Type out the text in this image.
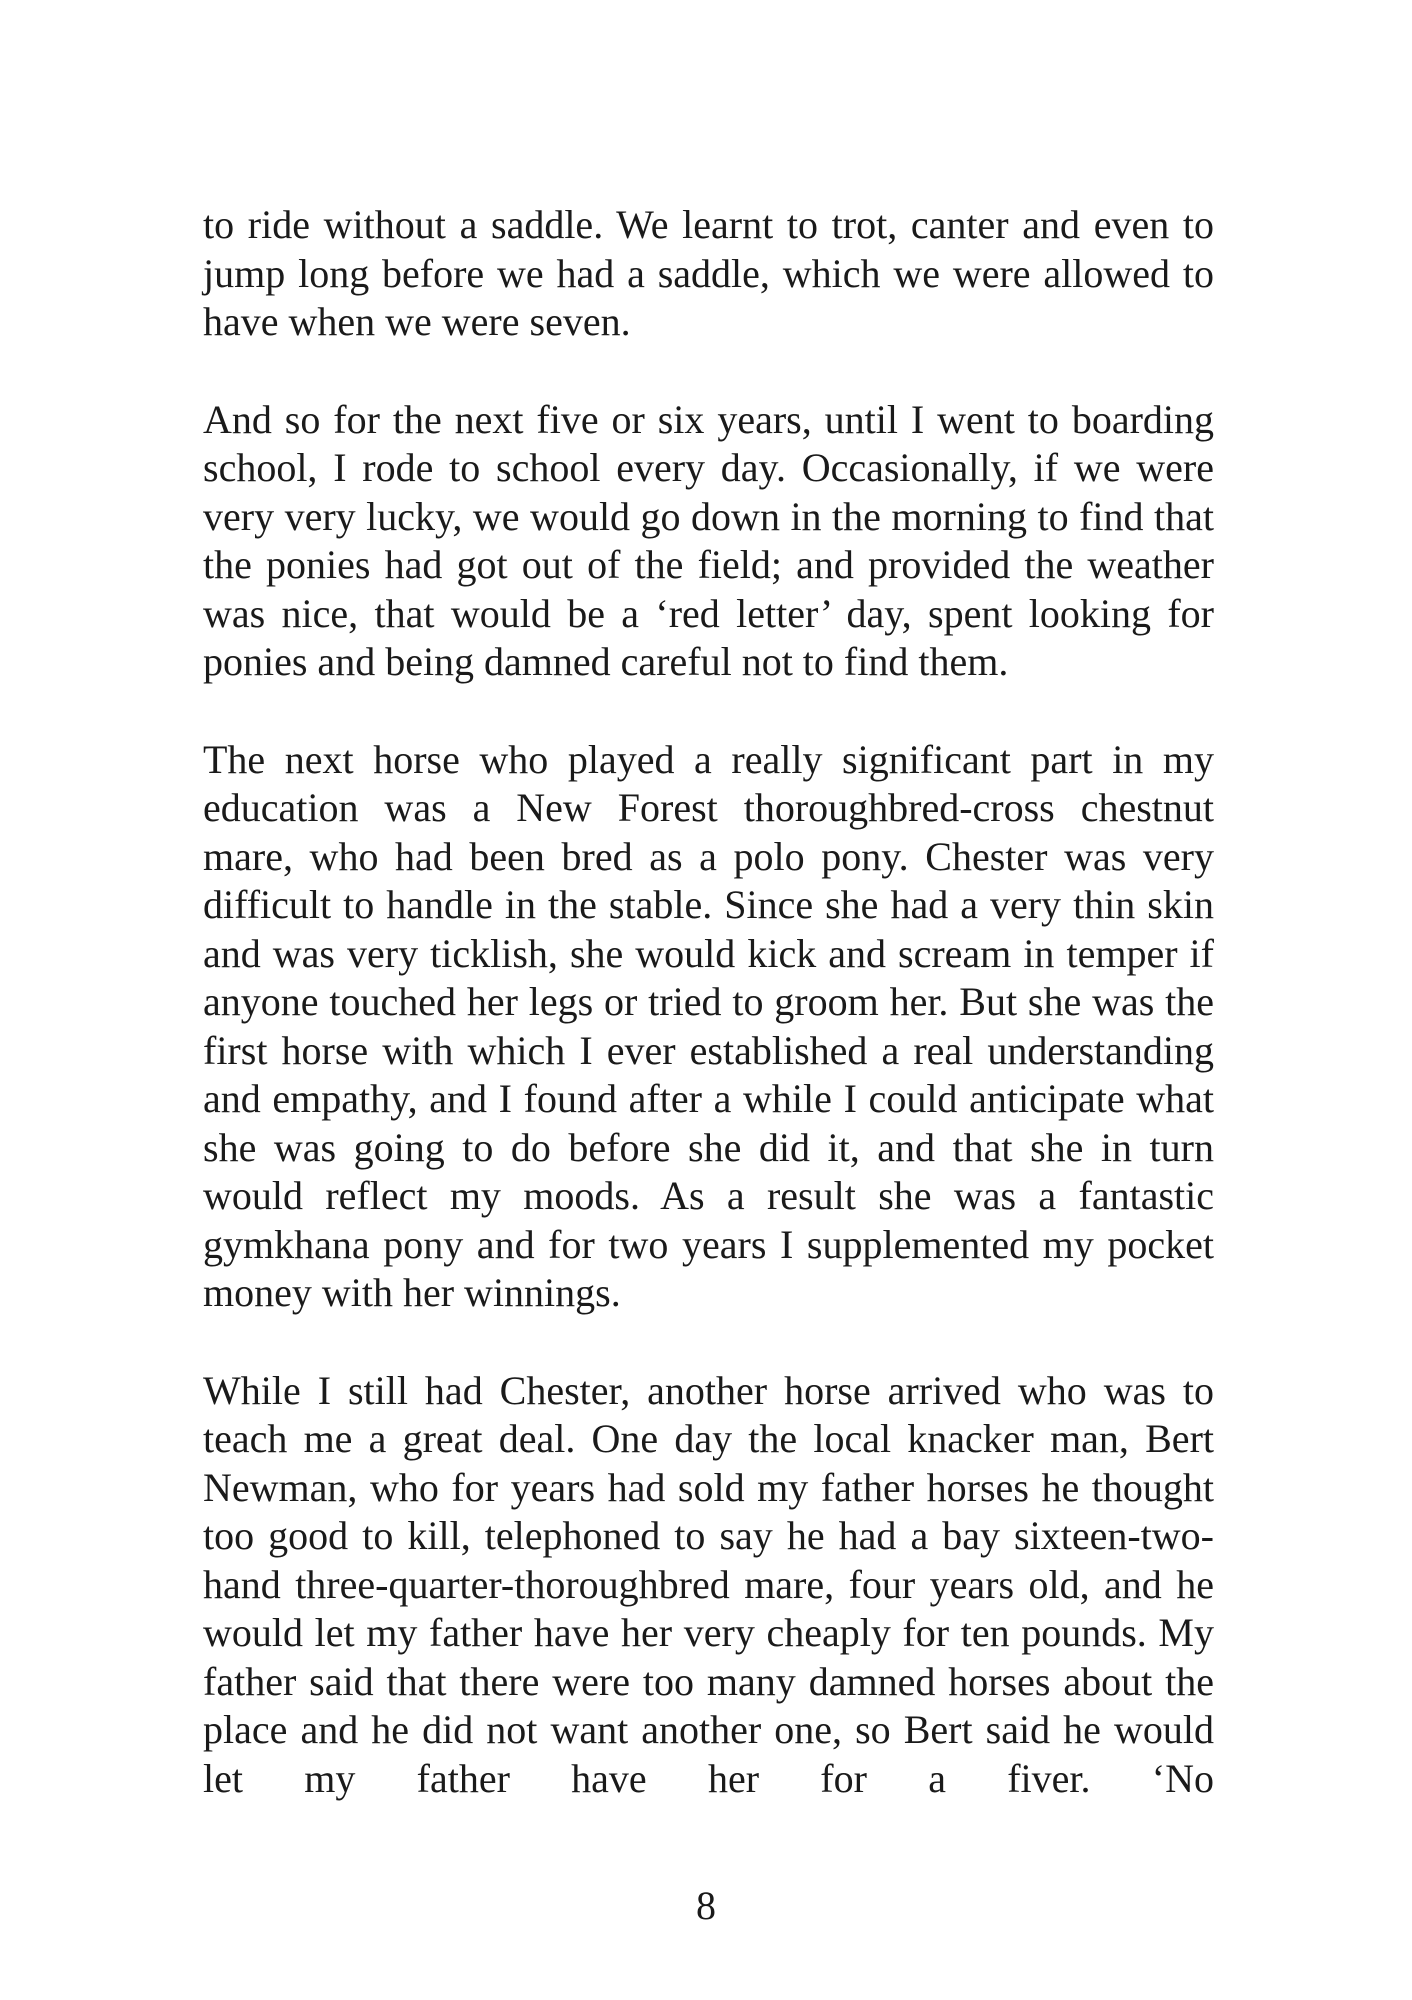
to ride without a saddle. We learnt to trot, canter and even to jump long before we had a saddle, which we were allowed to have when we were seven.

And so for the next five or six years, until I went to boarding school, I rode to school every day. Occasionally, if we were very very lucky, we would go down in the morning to find that the ponies had got out of the field; and provided the weather was nice, that would be a ‘red letter’ day, spent looking for ponies and being damned careful not to find them.

The next horse who played a really significant part in my education was a New Forest thoroughbred-cross chestnut mare, who had been bred as a polo pony. Chester was very difficult to handle in the stable. Since she had a very thin skin and was very ticklish, she would kick and scream in temper if anyone touched her legs or tried to groom her. But she was the first horse with which I ever established a real understanding and empathy, and I found after a while I could anticipate what she was going to do before she did it, and that she in turn would reflect my moods. As a result she was a fantastic gymkhana pony and for two years I supplemented my pocket money with her winnings.

While I still had Chester, another horse arrived who was to teach me a great deal. One day the local knacker man, Bert Newman, who for years had sold my father horses he thought too good to kill, telephoned to say he had a bay sixteen-two-hand three-quarter-thoroughbred mare, four years old, and he would let my father have her very cheaply for ten pounds. My father said that there were too many damned horses about the place and he did not want another one, so Bert said he would let my father have her for a fiver. ‘No

8
